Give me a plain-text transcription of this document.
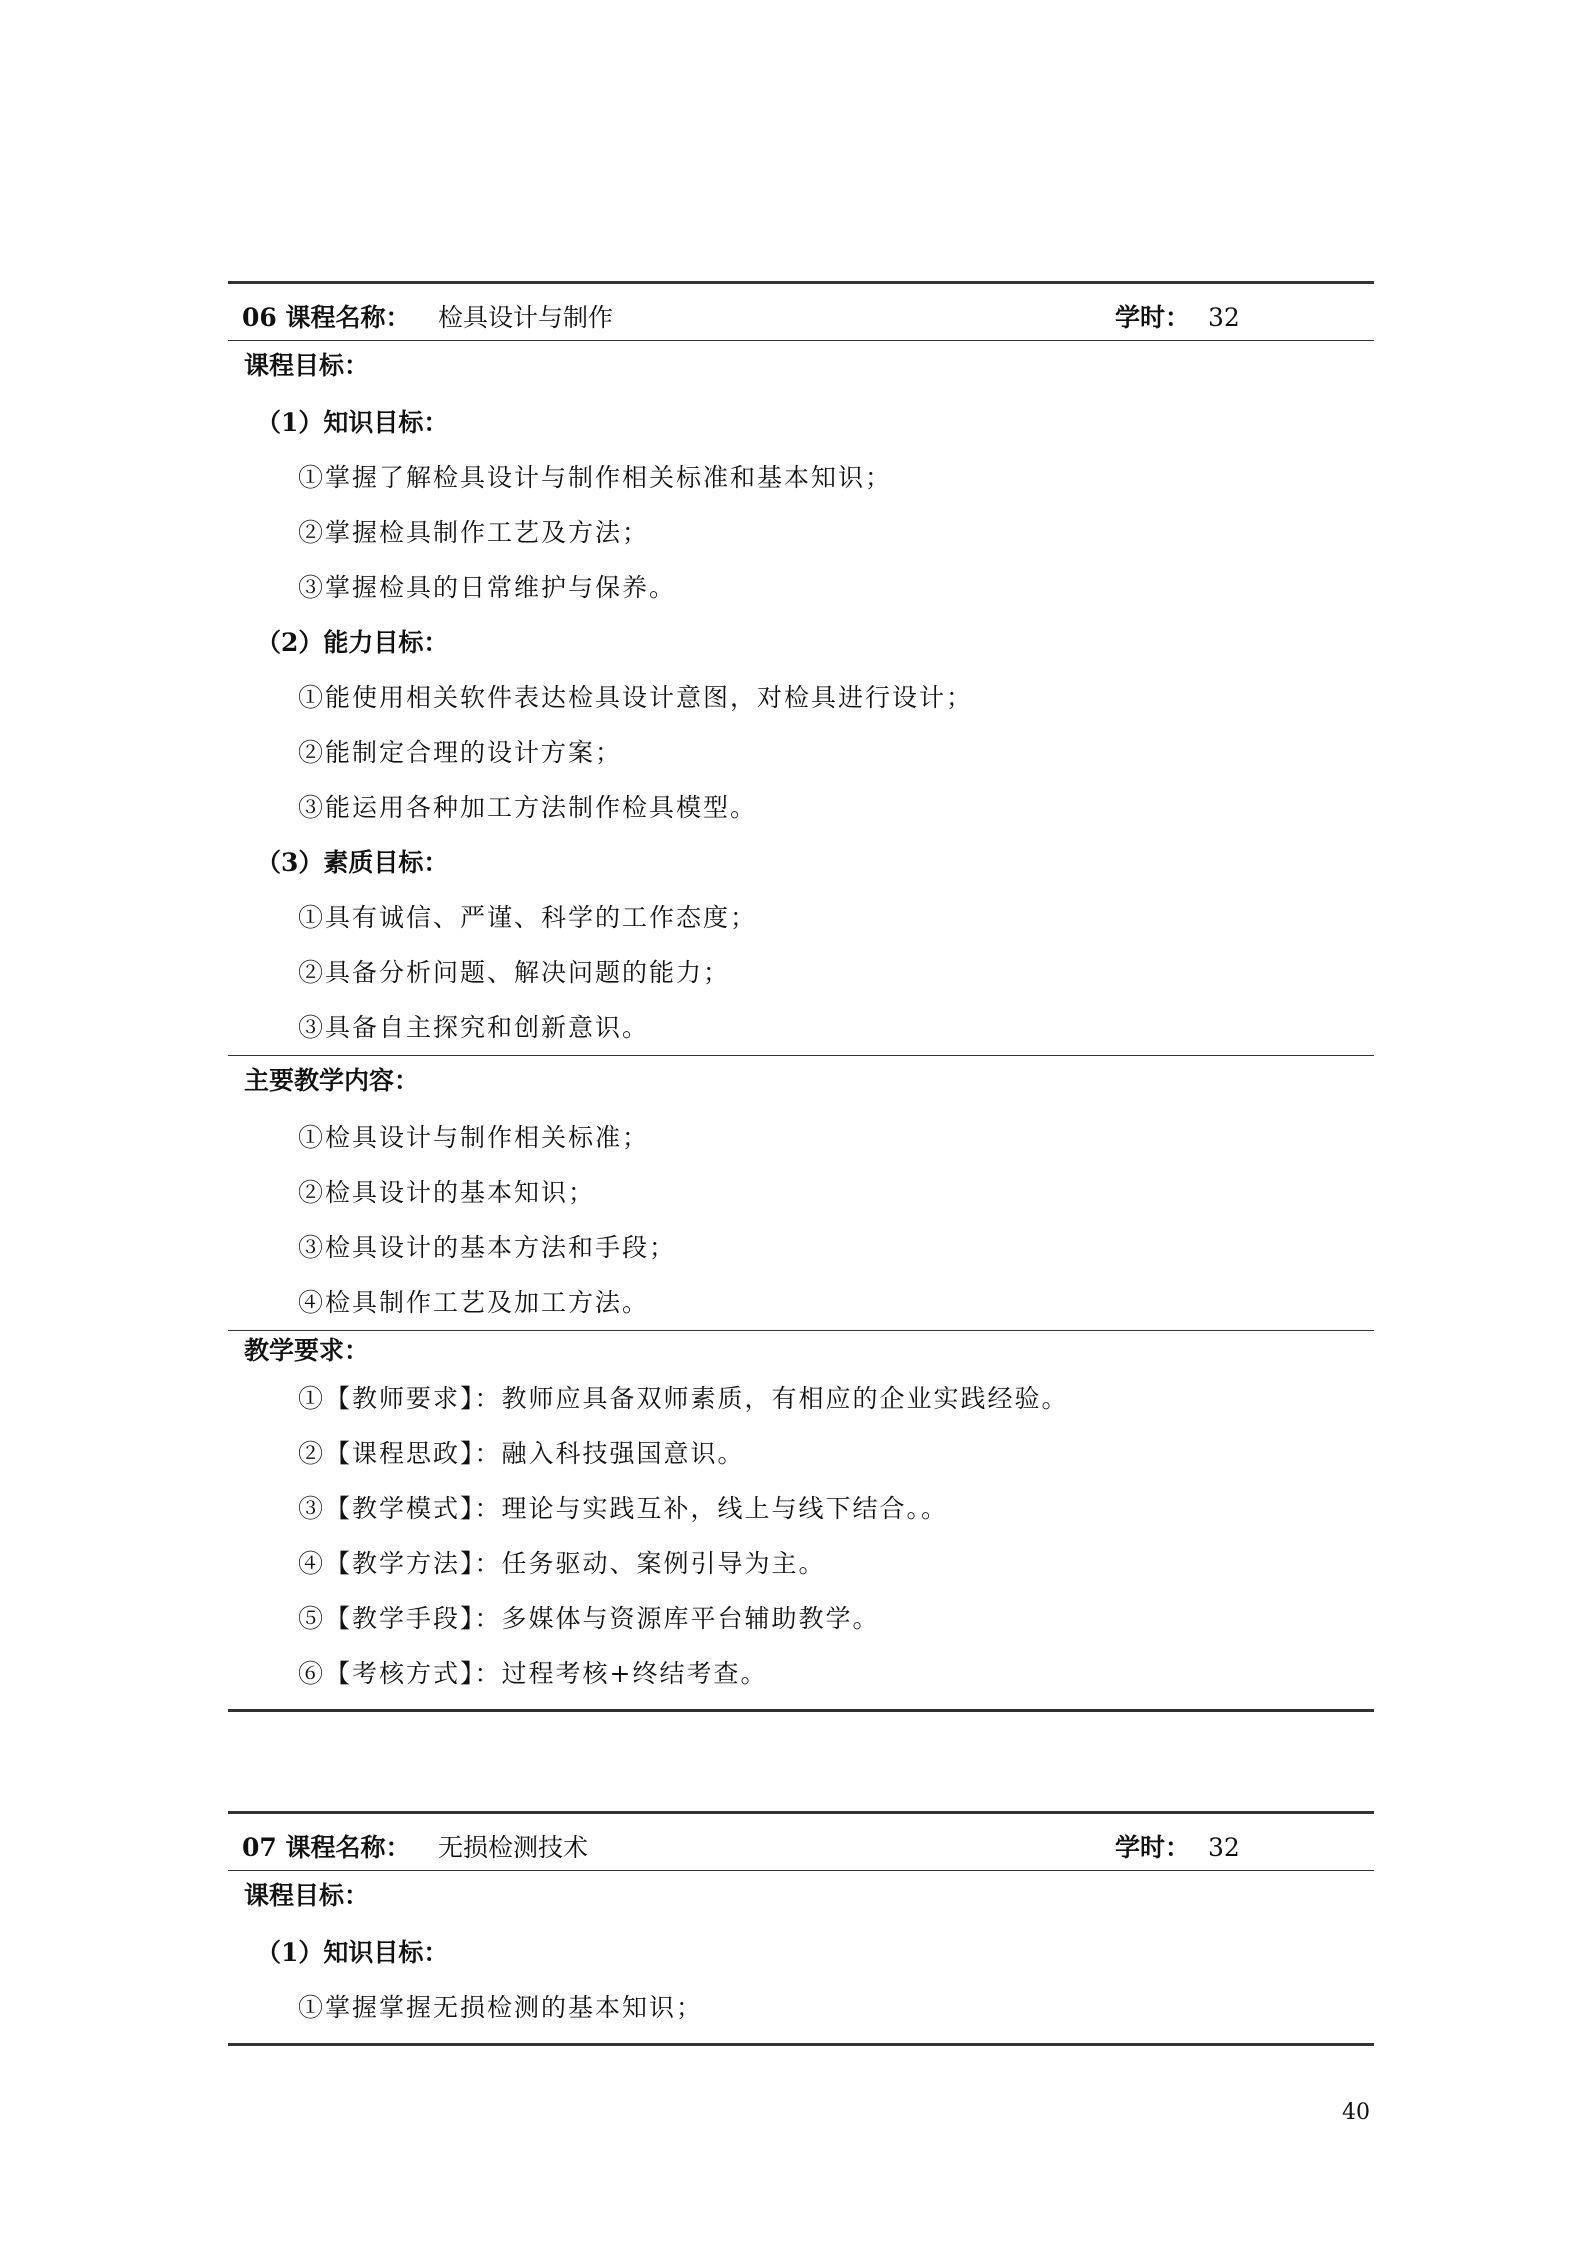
06 课程名称： 检具设计与制作	学时： 32
课程目标：
（1）知识目标：
①掌握了解检具设计与制作相关标准和基本知识；
②掌握检具制作工艺及方法；
③掌握检具的日常维护与保养。
（2）能力目标：
①能使用相关软件表达检具设计意图，对检具进行设计；
②能制定合理的设计方案；
③能运用各种加工方法制作检具模型。
（3）素质目标：
①具有诚信、严谨、科学的工作态度；
②具备分析问题、解决问题的能力；
③具备自主探究和创新意识。
主要教学内容：
①检具设计与制作相关标准；
②检具设计的基本知识；
③检具设计的基本方法和手段；
④检具制作工艺及加工方法。
教学要求：
①【教师要求】：教师应具备双师素质，有相应的企业实践经验。
②【课程思政】：融入科技强国意识。
③【教学模式】：理论与实践互补，线上与线下结合。。
④【教学方法】：任务驱动、案例引导为主。
⑤【教学手段】：多媒体与资源库平台辅助教学。
⑥【考核方式】：过程考核+终结考查。
07 课程名称： 无损检测技术	学时： 32
课程目标：
（1）知识目标：
①掌握掌握无损检测的基本知识；
40
